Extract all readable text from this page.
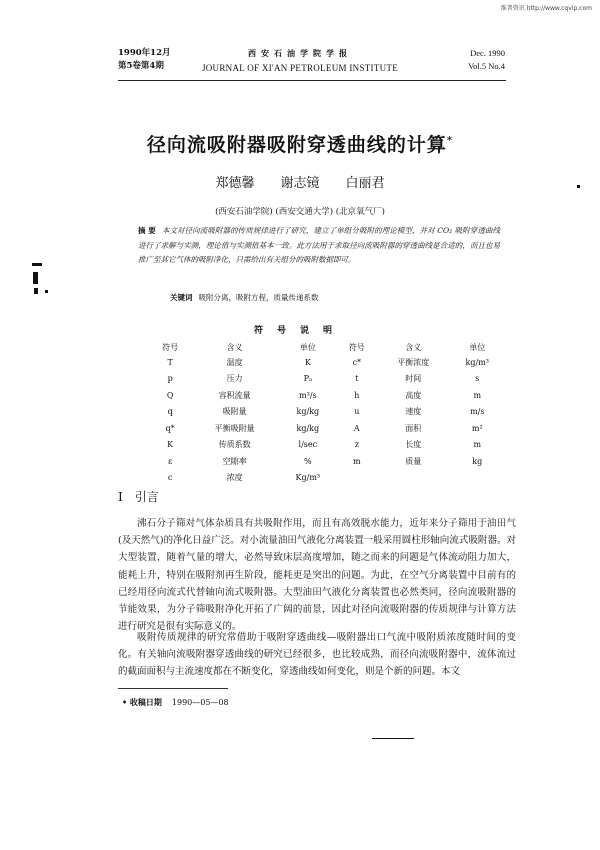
维普资讯 http://www.cqvip.com
1990年12月
第5卷第4期
西安石油学院学报
JOURNAL OF XI'AN PETROLEUM INSTITUTE
Dec. 1990
Vol.5 No.4
径向流吸附器吸附穿透曲线的计算*
郑德馨 谢志镜 白丽君
(西安石油学院) (西安交通大学) (北京氧气厂)
摘 要 本文对径向流吸附器的传质规律进行了研究，建立了单组分吸附的理论模型，并对 CO₂ 吸附穿透曲线进行了求解与实测，理论值与实测值基本一致。此方法用于求取径向流吸附器的穿透曲线是合适的，而且也易推广至其它气体的吸附净化，只需给出有关组分的吸附数据即可。
关键词 吸附分离，吸附方程，质量传递系数
符号说明
符号	含义	单位	符号	含义	单位
T	温度	K	c*	平衡浓度	kg/m³
p	压力	Pₐ	t	时间	s
Q	容积流量	m³/s	h	高度	m
q	吸附量	kg/kg	u	速度	m/s
q*	平衡吸附量	kg/kg	A	面积	m²
K	传质系数	l/sec	z	长度	m
ε	空隙率	%	m	质量	kg
c	浓度	Kg/m³			
Ⅰ 引言

沸石分子筛对气体杂质具有共吸附作用，而且有高效脱水能力，近年来分子筛用于油田气(及天然气)的净化日益广泛。对小流量油田气液化分离装置一般采用圆柱形轴向流式吸附器。对大型装置，随着气量的增大，必然导致床层高度增加，随之而来的问题是气体流动阻力加大，能耗上升，特别在吸附剂再生阶段，能耗更是突出的问题。为此，在空气分离装置中目前有的已经用径向流式代替轴向流式吸附器。大型油田气液化分离装置也必然类同，径向流吸附器的节能效果，为分子筛吸附净化开拓了广阔的前景，因此对径向流吸附器的传质规律与计算方法进行研究是很有实际意义的。

吸附传质规律的研究常借助于吸附穿透曲线—吸附器出口气流中吸附质浓度随时间的变化。有关轴向流吸附器穿透曲线的研究已经很多，也比较成熟，而径向流吸附器中，流体流过的截面面积与主流速度都在不断变化，穿透曲线如何变化，则是个新的问题。本文

• 收稿日期 1990—05—08
